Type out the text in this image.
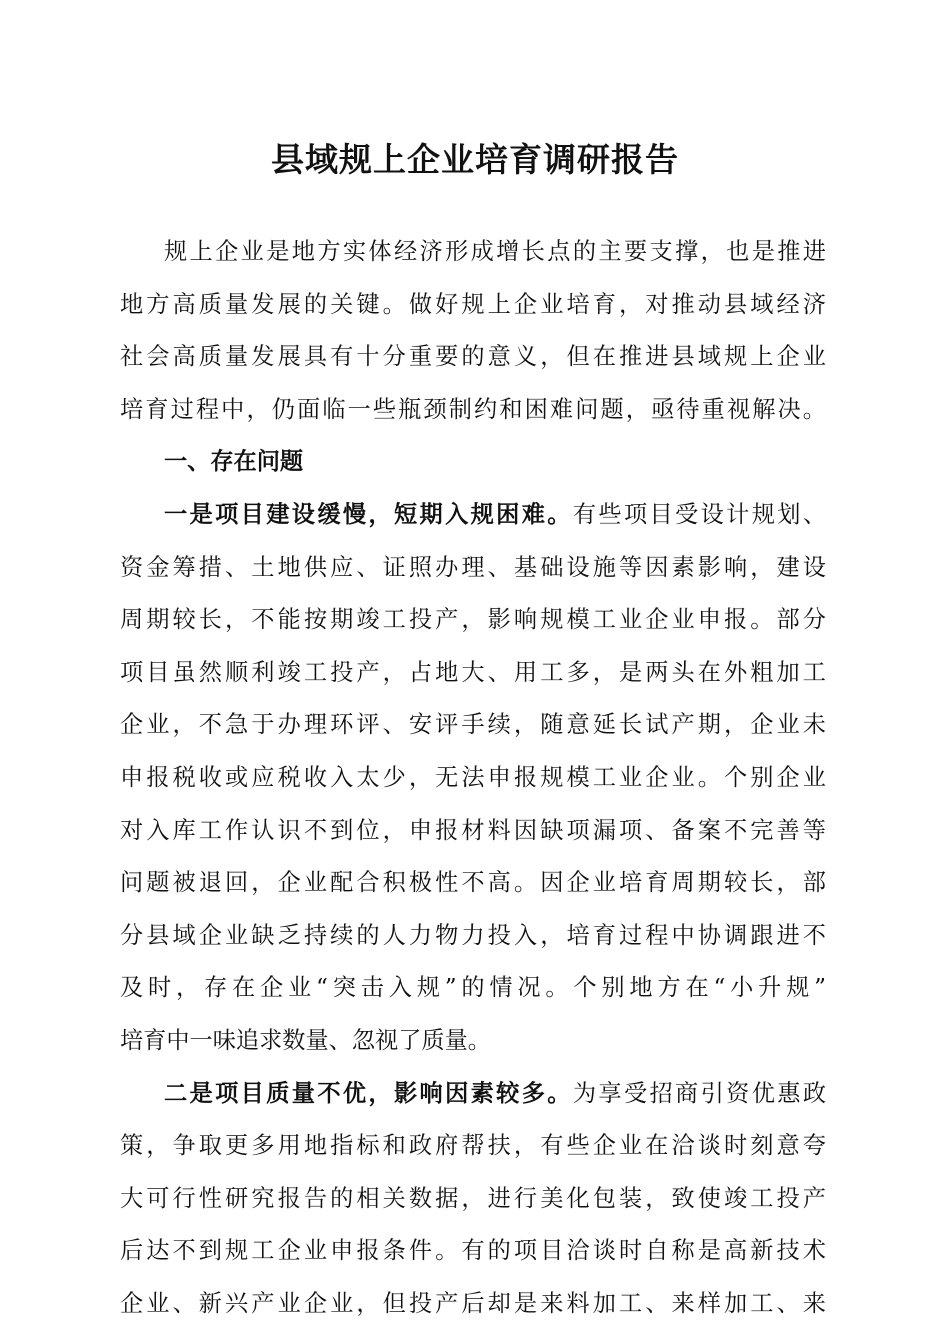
县域规上企业培育调研报告
规上企业是地方实体经济形成增长点的主要支撑，也是推进
地方高质量发展的关键。做好规上企业培育，对推动县域经济
社会高质量发展具有十分重要的意义，但在推进县域规上企业
培育过程中，仍面临一些瓶颈制约和困难问题，亟待重视解决。
一、存在问题
一是项目建设缓慢，短期入规困难。有些项目受设计规划、
资金筹措、土地供应、证照办理、基础设施等因素影响，建设
周期较长，不能按期竣工投产，影响规模工业企业申报。部分
项目虽然顺利竣工投产，占地大、用工多，是两头在外粗加工
企业，不急于办理环评、安评手续，随意延长试产期，企业未
申报税收或应税收入太少，无法申报规模工业企业。个别企业
对入库工作认识不到位，申报材料因缺项漏项、备案不完善等
问题被退回，企业配合积极性不高。因企业培育周期较长，部
分县域企业缺乏持续的人力物力投入，培育过程中协调跟进不
及时，存在企业“突击入规”的情况。个别地方在“小升规”
培育中一味追求数量、忽视了质量。
二是项目质量不优，影响因素较多。为享受招商引资优惠政
策，争取更多用地指标和政府帮扶，有些企业在洽谈时刻意夸
大可行性研究报告的相关数据，进行美化包装，致使竣工投产
后达不到规工企业申报条件。有的项目洽谈时自称是高新技术
企业、新兴产业企业，但投产后却是来料加工、来样加工、来
